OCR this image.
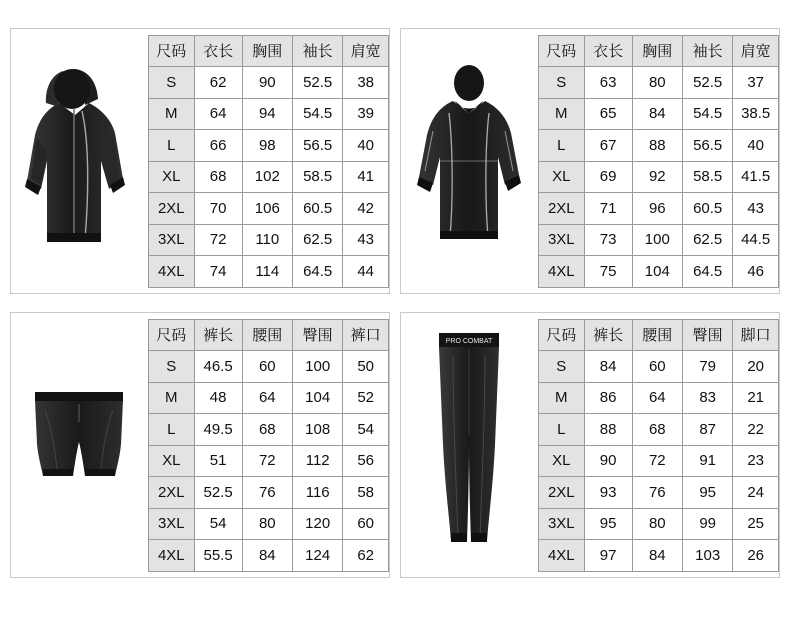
尺码	衣长	胸围	袖长	肩宽
S	62	90	52.5	38
M	64	94	54.5	39
L	66	98	56.5	40
XL	68	102	58.5	41
2XL	70	106	60.5	42
3XL	72	110	62.5	43
4XL	74	114	64.5	44
尺码	衣长	胸围	袖长	肩宽
S	63	80	52.5	37
M	65	84	54.5	38.5
L	67	88	56.5	40
XL	69	92	58.5	41.5
2XL	71	96	60.5	43
3XL	73	100	62.5	44.5
4XL	75	104	64.5	46
尺码	裤长	腰围	臀围	裤口
S	46.5	60	100	50
M	48	64	104	52
L	49.5	68	108	54
XL	51	72	112	56
2XL	52.5	76	116	58
3XL	54	80	120	60
4XL	55.5	84	124	62
PRO COMBAT	尺码	裤长	腰围	臀围	脚口
S	84	60	79	20
M	86	64	83	21
L	88	68	87	22
XL	90	72	91	23
2XL	93	76	95	24
3XL	95	80	99	25
4XL	97	84	103	26
